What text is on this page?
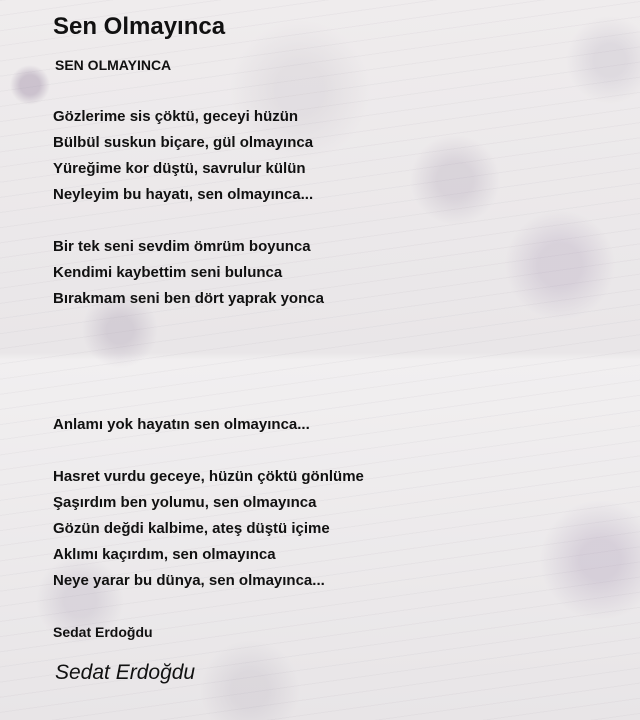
Sen Olmayınca
SEN OLMAYINCA
Gözlerime sis çöktü, geceyi hüzün
Bülbül suskun biçare, gül olmayınca
Yüreğime kor düştü, savrulur külün
Neyleyim bu hayatı, sen olmayınca...
Bir tek seni sevdim ömrüm boyunca
Kendimi kaybettim seni bulunca
Bırakmam seni ben dört yaprak yonca
Anlamı yok hayatın sen olmayınca...
Hasret vurdu geceye, hüzün çöktü gönlüme
Şaşırdım ben yolumu, sen olmayınca
Gözün değdi kalbime, ateş düştü içime
Aklımı kaçırdım, sen olmayınca
Neye yarar bu dünya, sen olmayınca...
Sedat Erdoğdu
Sedat Erdoğdu
